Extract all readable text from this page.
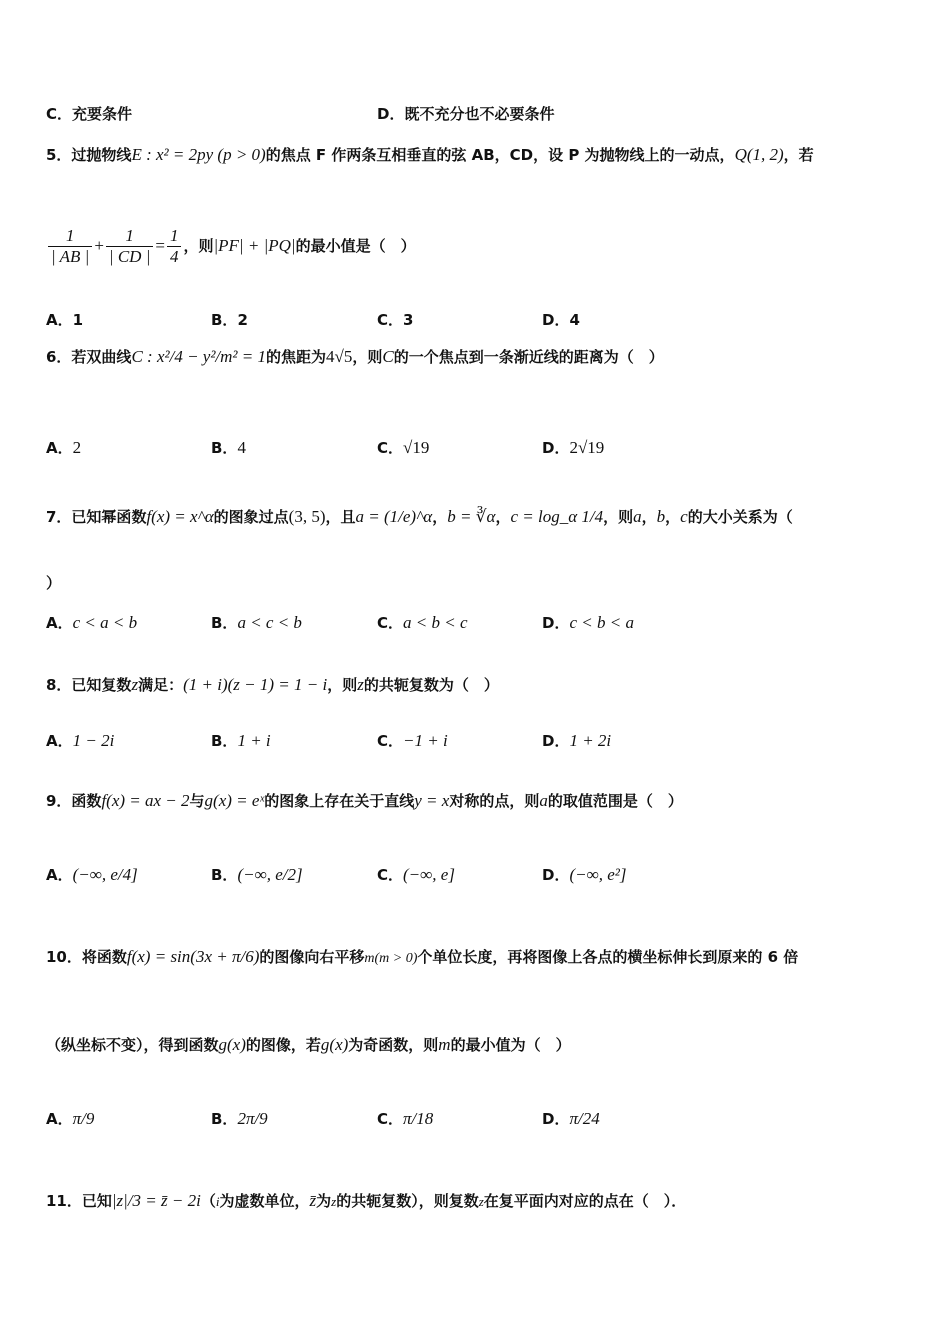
C．充要条件	D．既不充分也不必要条件
5．过抛物线E : x² = 2py (p > 0)的焦点 F 作两条互相垂直的弦 AB，CD，设 P 为抛物线上的一动点，Q(1, 2)，若
$\frac{1}{| AB |} + \frac{1}{| CD |} = \frac{1}{4}$ ，则|PF| + |PQ|的最小值是（　）
A．1	B．2	C．3	D．4
6．若双曲线C : x²/4 − y²/m² = 1的焦距为4√5，则C的一个焦点到一条渐近线的距离为（　）
A．2	B．4	C．√19	D．2√19
7．已知幂函数f(x) = x^α的图象过点(3, 5)，且a = (1/e)^α，b = ∛α，c = log_α 1/4，则a，b，c的大小关系为（
）
A．c < a < b	B．a < c < b	C．a < b < c	D．c < b < a
8．已知复数z满足：(1 + i)(z − 1) = 1 − i，则z的共轭复数为（　）
A．1 − 2i	B．1 + i	C．−1 + i	D．1 + 2i
9．函数f(x) = ax − 2与g(x) = eˣ的图象上存在关于直线y = x对称的点，则a的取值范围是（　）
A．(−∞, e/4]	B．(−∞, e/2]	C．(−∞, e]	D．(−∞, e²]
10．将函数f(x) = sin(3x + π/6)的图像向右平移m(m > 0)个单位长度，再将图像上各点的横坐标伸长到原来的 6 倍
（纵坐标不变），得到函数g(x)的图像，若g(x)为奇函数，则m的最小值为（　）
A．π/9	B．2π/9	C．π/18	D．π/24
11．已知|z|/3 = z̄ − 2i（i为虚数单位，z̄为z的共轭复数），则复数z在复平面内对应的点在（　）．
